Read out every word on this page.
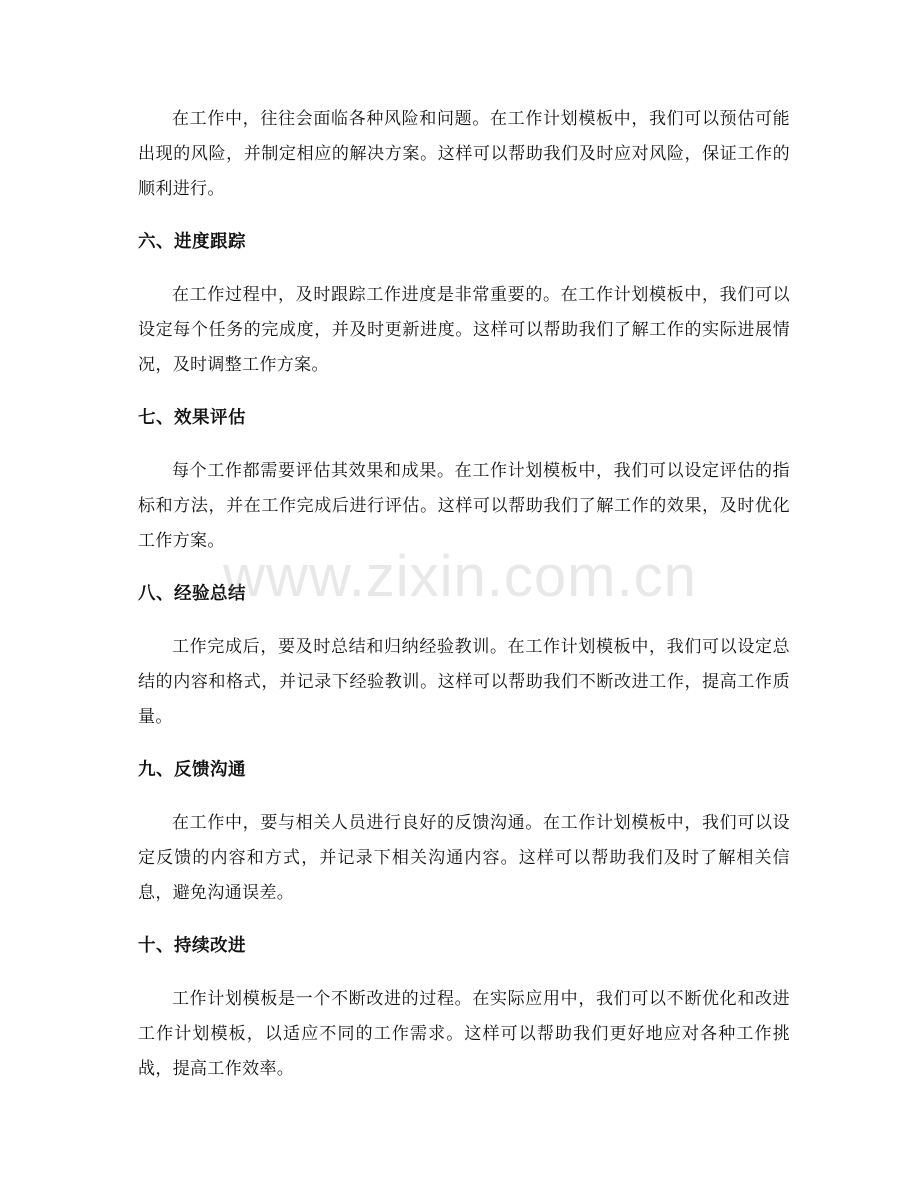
在工作中，往往会面临各种风险和问题。在工作计划模板中，我们可以预估可能出现的风险，并制定相应的解决方案。这样可以帮助我们及时应对风险，保证工作的顺利进行。

六、进度跟踪

在工作过程中，及时跟踪工作进度是非常重要的。在工作计划模板中，我们可以设定每个任务的完成度，并及时更新进度。这样可以帮助我们了解工作的实际进展情况，及时调整工作方案。

七、效果评估

每个工作都需要评估其效果和成果。在工作计划模板中，我们可以设定评估的指标和方法，并在工作完成后进行评估。这样可以帮助我们了解工作的效果，及时优化工作方案。

八、经验总结

工作完成后，要及时总结和归纳经验教训。在工作计划模板中，我们可以设定总结的内容和格式，并记录下经验教训。这样可以帮助我们不断改进工作，提高工作质量。

九、反馈沟通

在工作中，要与相关人员进行良好的反馈沟通。在工作计划模板中，我们可以设定反馈的内容和方式，并记录下相关沟通内容。这样可以帮助我们及时了解相关信息，避免沟通误差。

十、持续改进

工作计划模板是一个不断改进的过程。在实际应用中，我们可以不断优化和改进工作计划模板，以适应不同的工作需求。这样可以帮助我们更好地应对各种工作挑战，提高工作效率。

www.zixin.com.cn
